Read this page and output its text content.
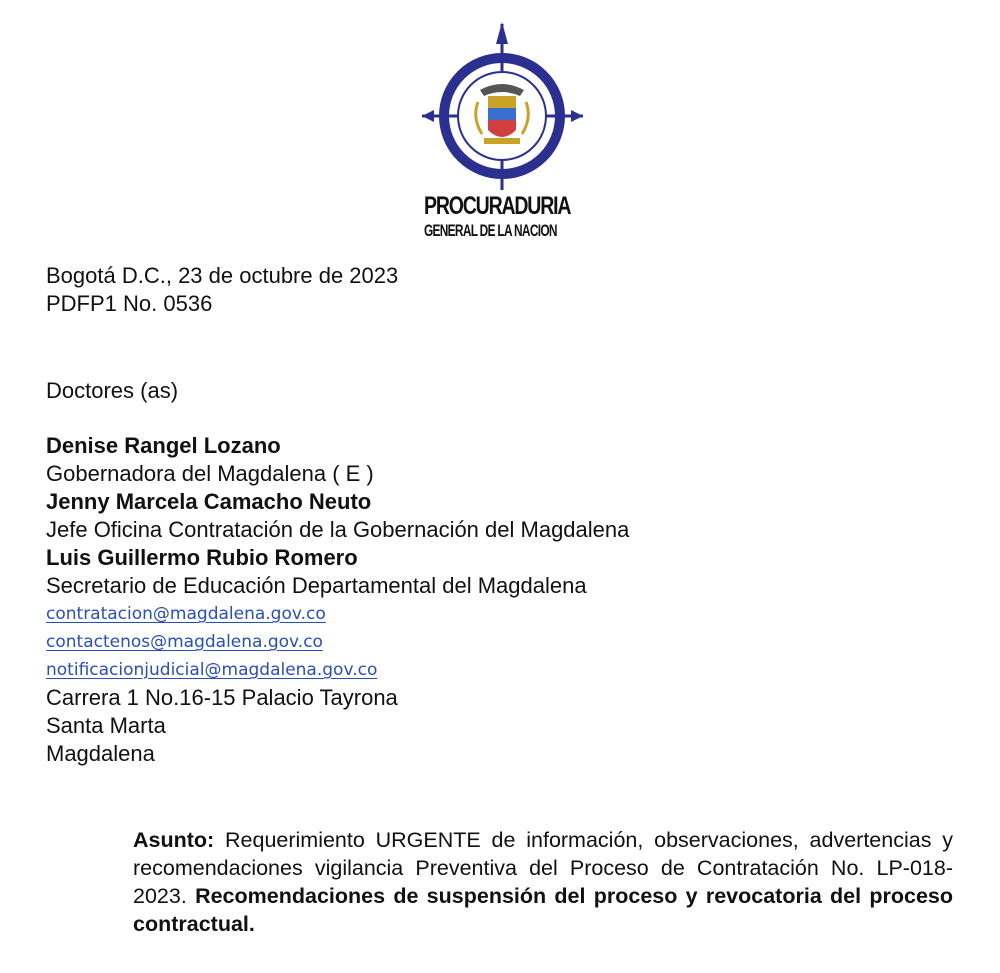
PROCURADURIA
GENERAL DE LA NACION
Bogotá D.C., 23 de octubre de 2023
PDFP1 No. 0536
Doctores (as)
Denise Rangel Lozano
Gobernadora del Magdalena ( E )
Jenny Marcela Camacho Neuto
Jefe Oficina Contratación de la Gobernación del Magdalena
Luis Guillermo Rubio Romero
Secretario de Educación Departamental del Magdalena
contratacion@magdalena.gov.co
contactenos@magdalena.gov.co
notificacionjudicial@magdalena.gov.co
Carrera 1 No.16-15 Palacio Tayrona
Santa Marta
Magdalena
Asunto: Requerimiento URGENTE de información, observaciones, advertencias y recomendaciones vigilancia Preventiva del Proceso de Contratación No. LP-018-2023. Recomendaciones de suspensión del proceso y revocatoria del proceso contractual.
